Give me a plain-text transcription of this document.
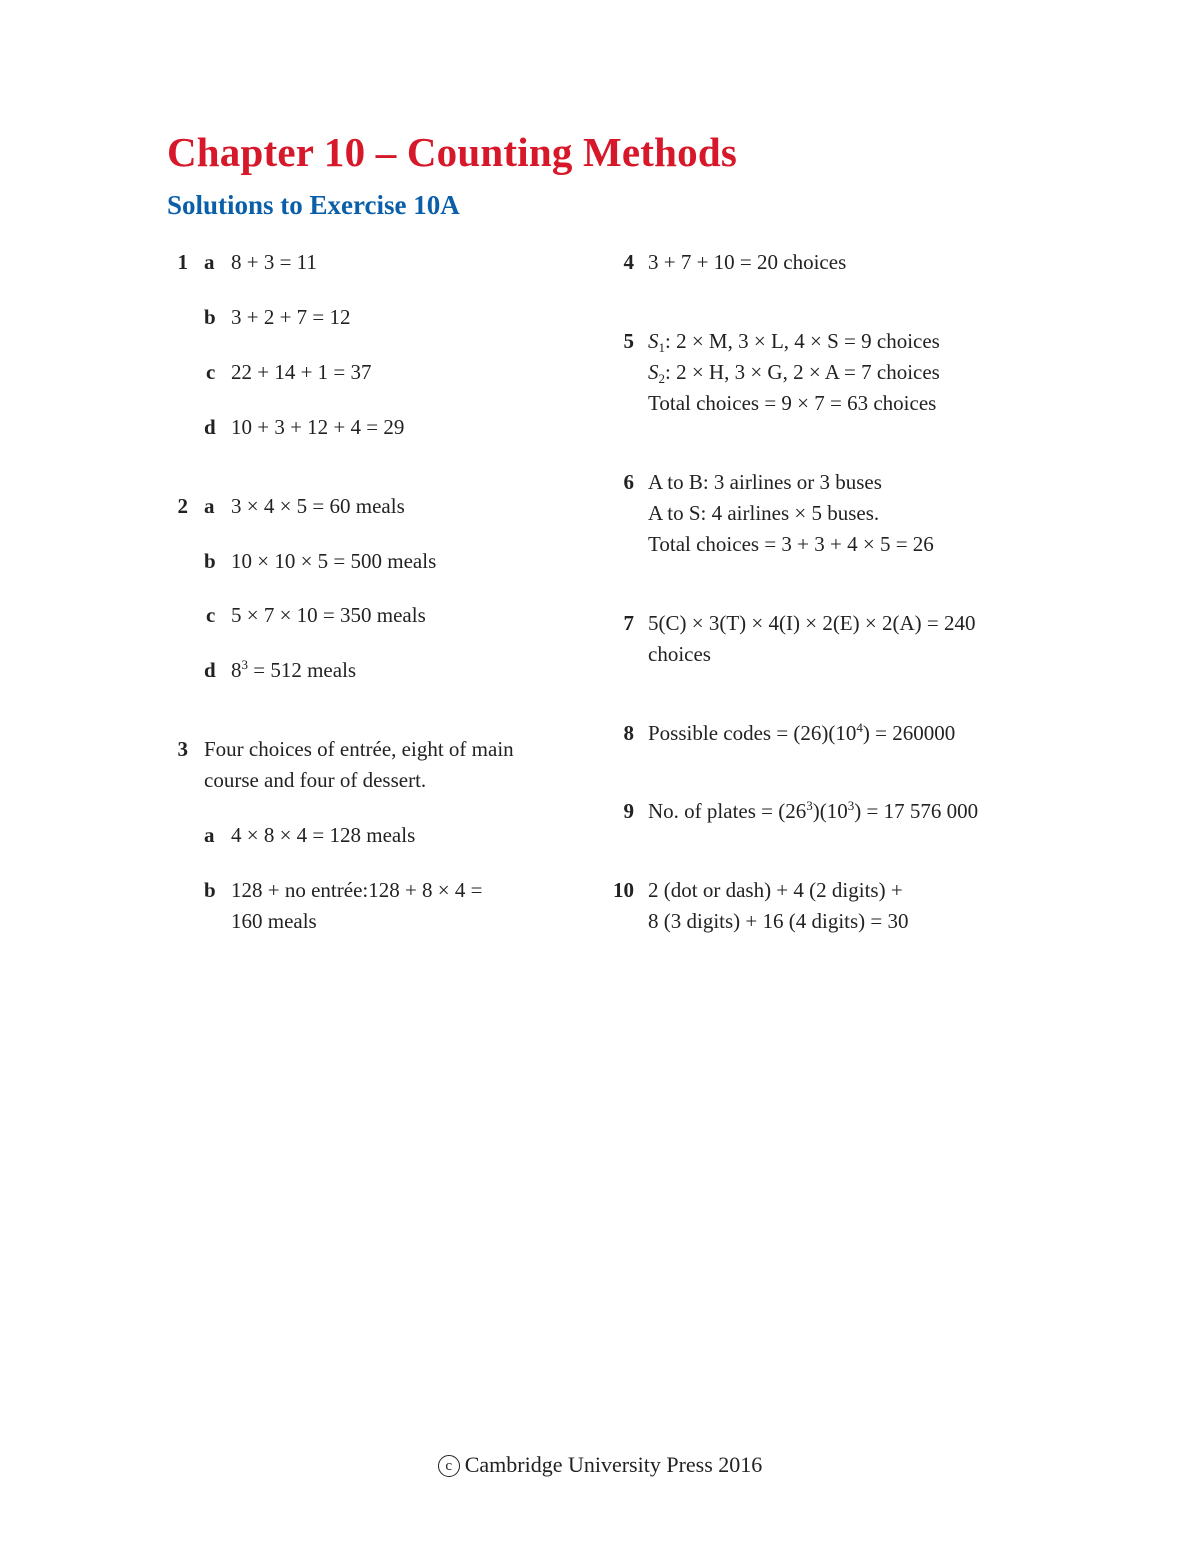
Chapter 10 – Counting Methods
Solutions to Exercise 10A
1 a 8 + 3 = 11
b 3 + 2 + 7 = 12
c 22 + 14 + 1 = 37
d 10 + 3 + 12 + 4 = 29
2 a 3 × 4 × 5 = 60 meals
b 10 × 10 × 5 = 500 meals
c 5 × 7 × 10 = 350 meals
d $8^3 = 512$ meals
3 Four choices of entrée, eight of main
course and four of dessert.
a 4 × 8 × 4 = 128 meals
b 128 + no entrée:128 + 8 × 4 =
160 meals
4 3 + 7 + 10 = 20 choices
5 $S_1$: 2 × M, 3 × L, 4 × S = 9 choices
$S_2$: 2 × H, 3 × G, 2 × A = 7 choices
Total choices = 9 × 7 = 63 choices
6 A to B: 3 airlines or 3 buses
A to S: 4 airlines × 5 buses.
Total choices = 3 + 3 + 4 × 5 = 26
7 5(C) × 3(T) × 4(I) × 2(E) × 2(A) = 240
choices
8 Possible codes = $(26)(10^4) = 260000$
9 No. of plates = $(26^3)(10^3) = 17$ 576 000
10 2 (dot or dash) + 4 (2 digits) +
8 (3 digits) + 16 (4 digits) = 30
c Cambridge University Press 2016
